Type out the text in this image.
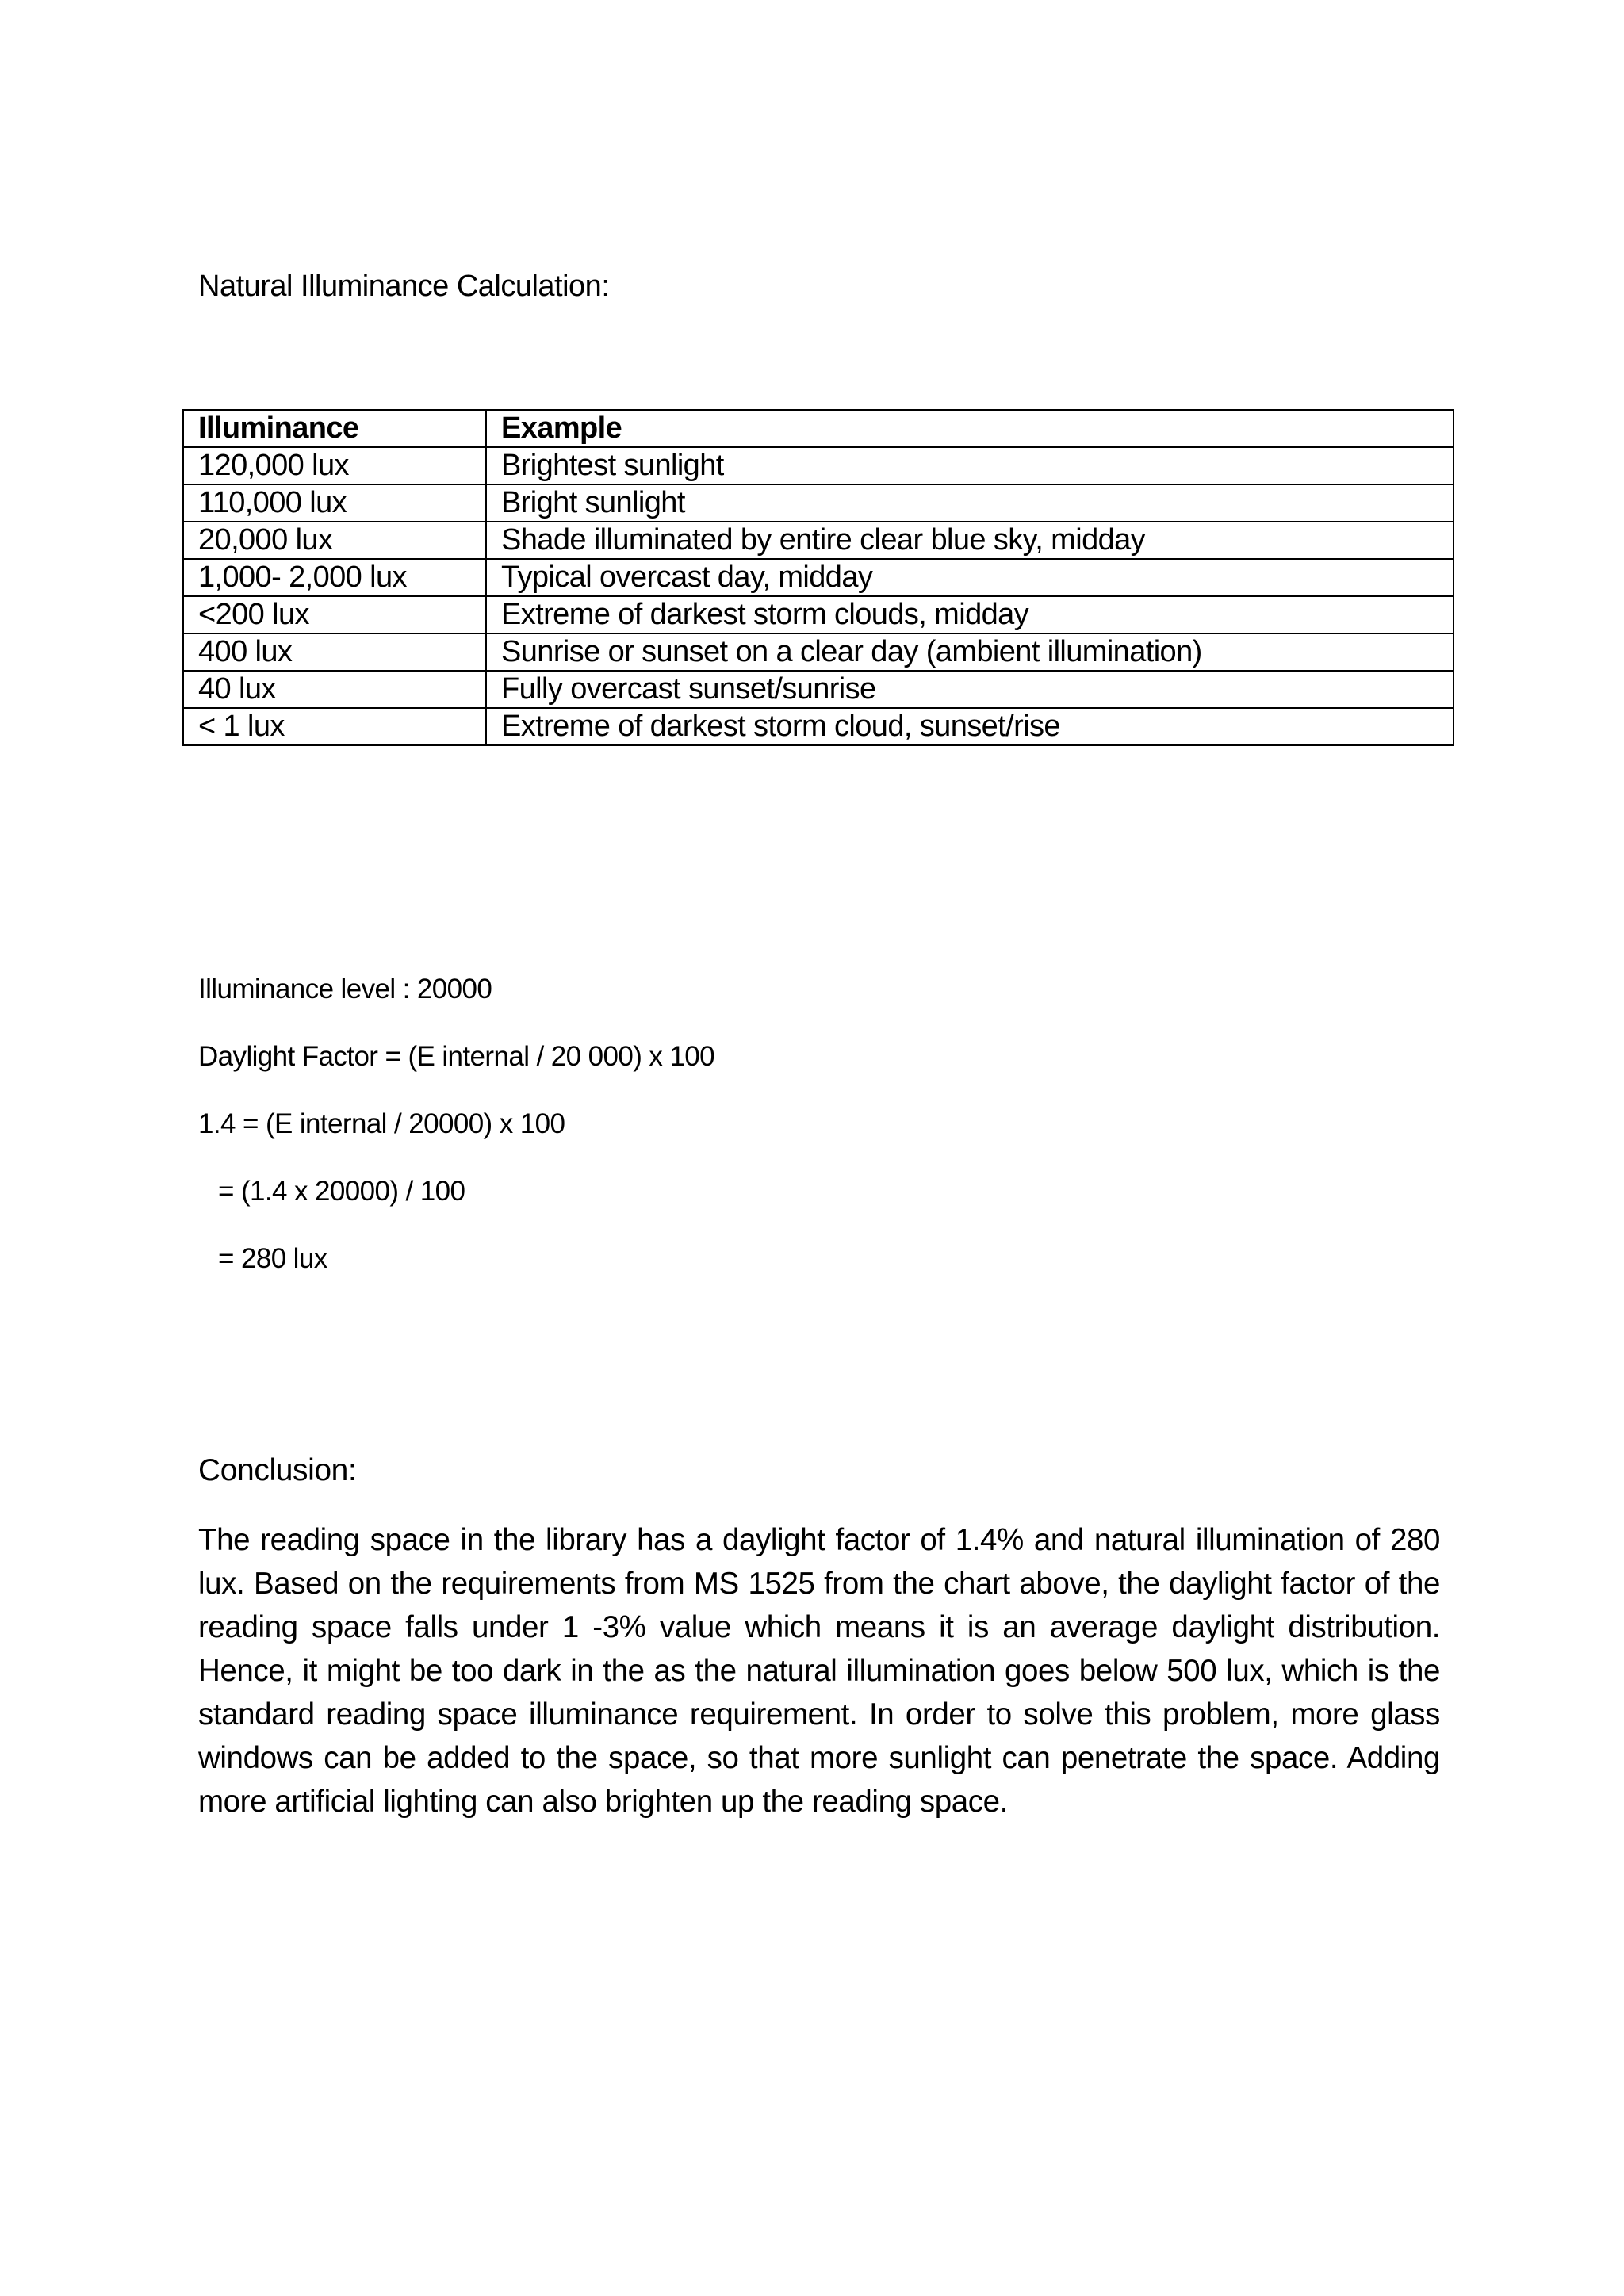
Natural Illuminance Calculation:
Illuminance	Example
120,000 lux	Brightest sunlight
110,000 lux	Bright sunlight
20,000 lux	Shade illuminated by entire clear blue sky, midday
1,000- 2,000 lux	Typical overcast day, midday
<200 lux	Extreme of darkest storm clouds, midday
400 lux	Sunrise or sunset on a clear day (ambient illumination)
40 lux	Fully overcast sunset/sunrise
< 1 lux	Extreme of darkest storm cloud, sunset/rise
Illuminance level : 20000
Daylight Factor = (E internal / 20 000) x 100
1.4 = (E internal / 20000) x 100
= (1.4 x 20000) / 100
= 280 lux
Conclusion:
The reading space in the library has a daylight factor of 1.4% and natural illumination of 280 lux. Based on the requirements from MS 1525 from the chart above, the daylight factor of the reading space falls under 1 -3% value which means it is an average daylight distribution. Hence, it might be too dark in the as the natural illumination goes below 500 lux, which is the standard reading space illuminance requirement. In order to solve this problem, more glass windows can be added to the space, so that more sunlight can penetrate the space. Adding more artificial lighting can also brighten up the reading space.
